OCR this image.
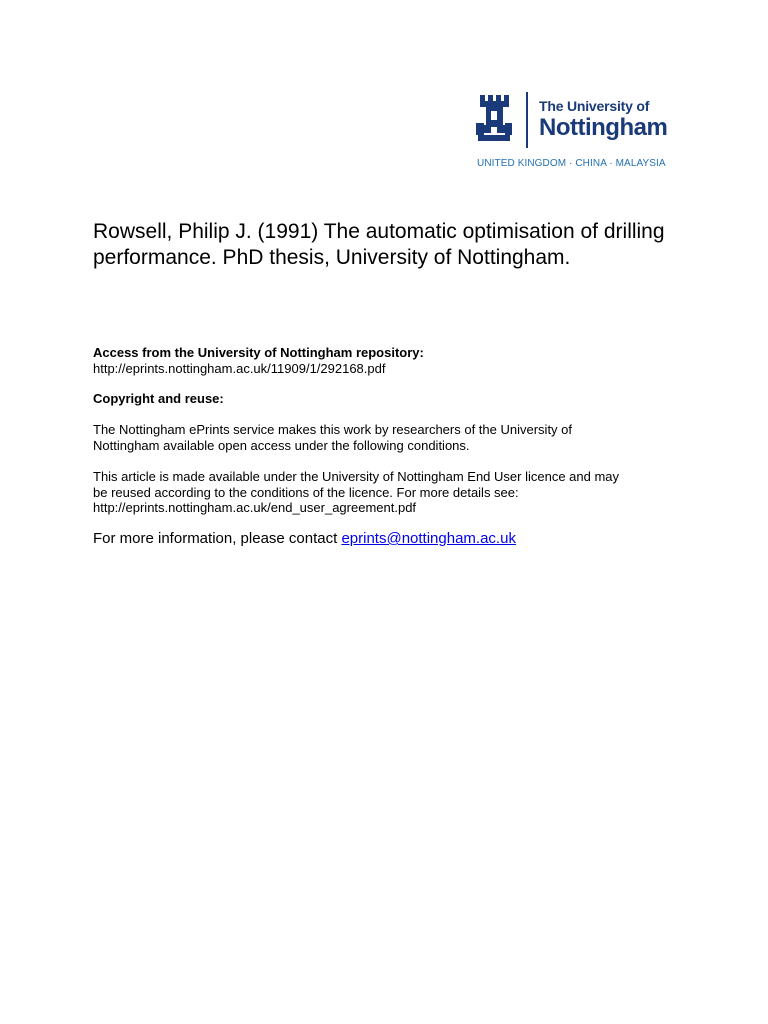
The University of
Nottingham
UNITED KINGDOM · CHINA · MALAYSIA
Rowsell, Philip J. (1991) The automatic optimisation of drilling performance. PhD thesis, University of Nottingham.
Access from the University of Nottingham repository:
http://eprints.nottingham.ac.uk/11909/1/292168.pdf
Copyright and reuse:
The Nottingham ePrints service makes this work by researchers of the University of
Nottingham available open access under the following conditions.
This article is made available under the University of Nottingham End User licence and may
be reused according to the conditions of the licence. For more details see:
http://eprints.nottingham.ac.uk/end_user_agreement.pdf
For more information, please contact eprints@nottingham.ac.uk
